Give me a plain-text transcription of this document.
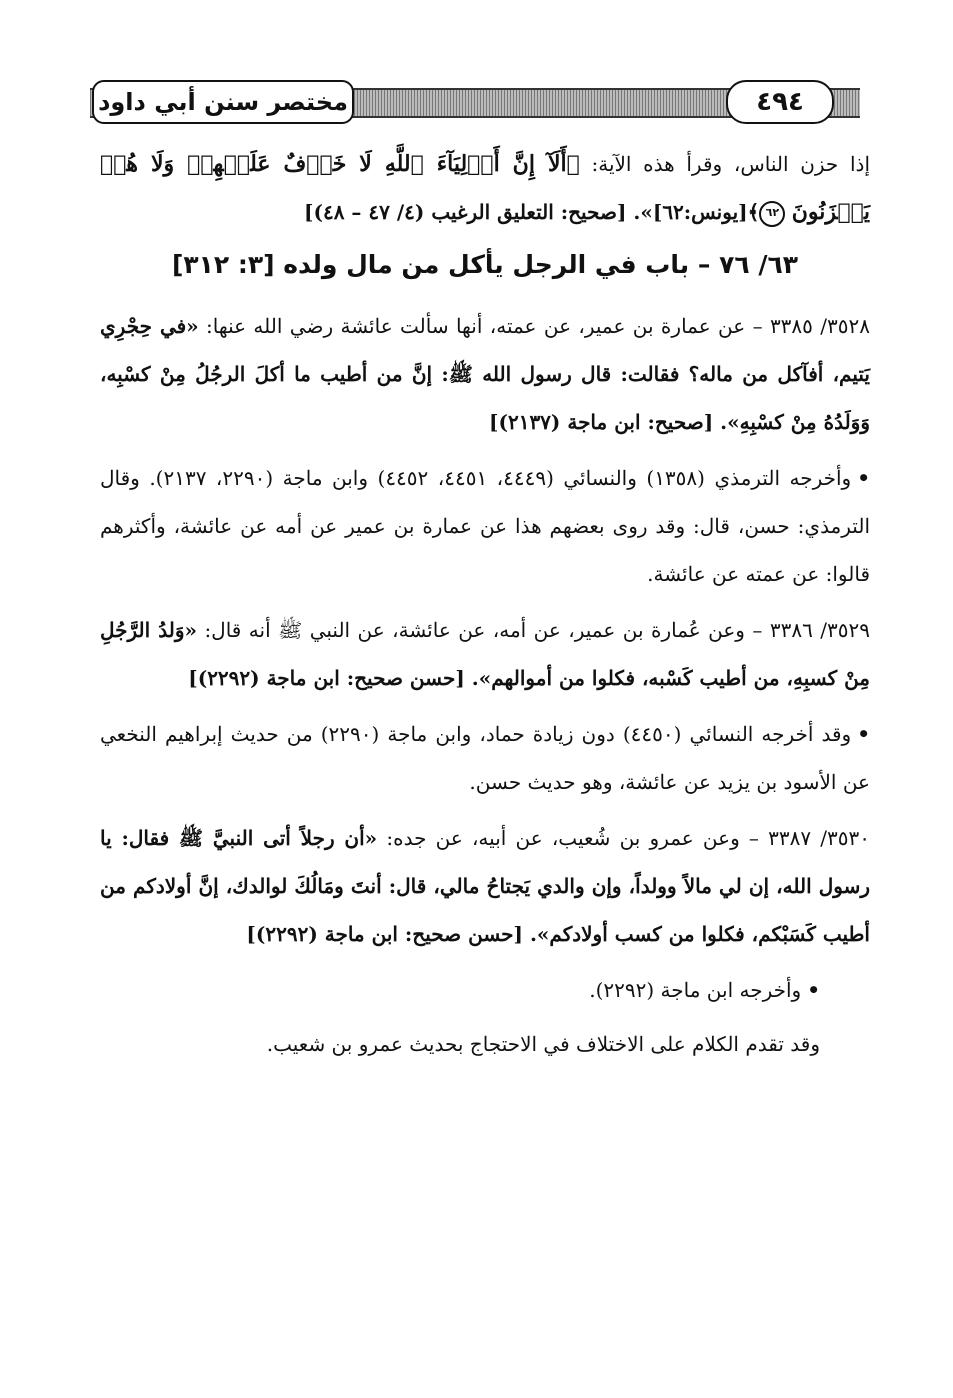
مختصر سنن أبي داود	٤٩٤

إذا حزن الناس، وقرأ هذه الآية: ﴿أَلَآ إِنَّ أَوۡلِيَآءَ ٱللَّهِ لَا خَوۡفٌ عَلَيۡهِمۡ وَلَا هُمۡ يَحۡزَنُونَ ٦٢﴾[يونس:٦٢]». [صحيح: التعليق الرغيب (٤/ ٤٧ – ٤٨)]

٦٣/ ٧٦ – باب في الرجل يأكل من مال ولده [٣: ٣١٢]

٣٥٢٨/ ٣٣٨٥ – عن عمارة بن عمير، عن عمته، أنها سألت عائشة رضي الله عنها: «في حِجْرِي يَتيم، أفآكل من ماله؟ فقالت: قال رسول الله ﷺ: إنَّ من أطيب ما أكلَ الرجُلُ مِنْ كسْبِه، وَوَلَدُهُ مِنْ كسْبِهِ». [صحيح: ابن ماجة (٢١٣٧)]

•وأخرجه الترمذي (١٣٥٨) والنسائي (٤٤٤٩، ٤٤٥١، ٤٤٥٢) وابن ماجة (٢٢٩٠، ٢١٣٧). وقال الترمذي: حسن، قال: وقد روى بعضهم هذا عن عمارة بن عمير عن أمه عن عائشة، وأكثرهم قالوا: عن عمته عن عائشة.

٣٥٢٩/ ٣٣٨٦ – وعن عُمارة بن عمير، عن أمه، عن عائشة، عن النبي ﷺ أنه قال: «وَلدُ الرَّجُلِ مِنْ كسبِهِ، من أطيب كَسْبه، فكلوا من أموالهم». [حسن صحيح: ابن ماجة (٢٢٩٢)]

•وقد أخرجه النسائي (٤٤٥٠) دون زيادة حماد، وابن ماجة (٢٢٩٠) من حديث إبراهيم النخعي عن الأسود بن يزيد عن عائشة، وهو حديث حسن.

٣٥٣٠/ ٣٣٨٧ – وعن عمرو بن شُعيب، عن أبيه، عن جده: «أن رجلاً أتى النبيَّ ﷺ فقال: يا رسول الله، إن لي مالاً وولداً، وإن والدي يَجتاحُ مالي، قال: أنتَ ومَالُكَ لوالدك، إنَّ أولادكم من أطيب كَسَبْكم، فكلوا من كسب أولادكم». [حسن صحيح: ابن ماجة (٢٢٩٢)]

•وأخرجه ابن ماجة (٢٢٩٢).

وقد تقدم الكلام على الاختلاف في الاحتجاج بحديث عمرو بن شعيب.
